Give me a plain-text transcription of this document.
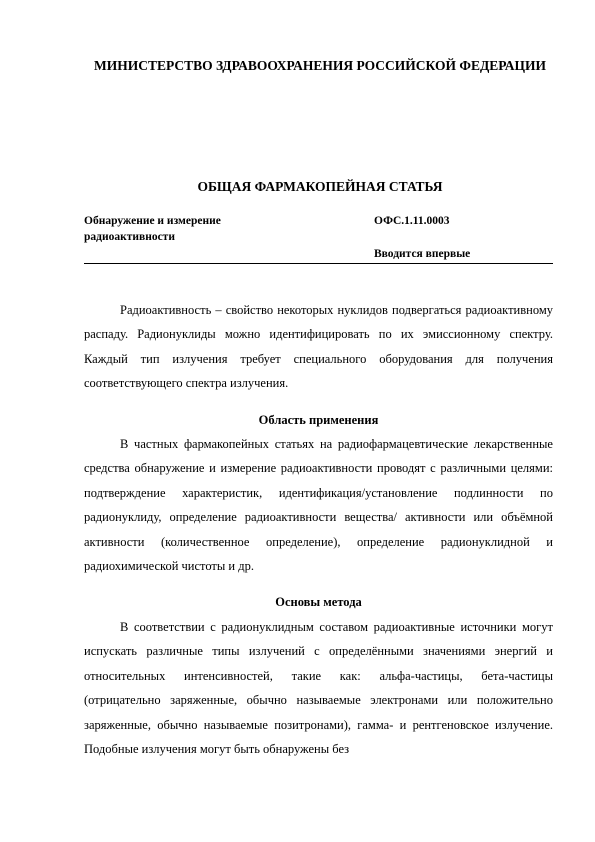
МИНИСТЕРСТВО ЗДРАВООХРАНЕНИЯ РОССИЙСКОЙ ФЕДЕРАЦИИ
ОБЩАЯ ФАРМАКОПЕЙНАЯ СТАТЬЯ
Обнаружение и измерение радиоактивности
ОФС.1.11.0003
Вводится впервые

Радиоактивность – свойство некоторых нуклидов подвергаться радиоактивному распаду. Радионуклиды можно идентифицировать по их эмиссионному спектру. Каждый тип излучения требует специального оборудования для получения соответствующего спектра излучения.

Область применения

В частных фармакопейных статьях на радиофармацевтические лекарственные средства обнаружение и измерение радиоактивности проводят с различными целями: подтверждение характеристик, идентификация/установление подлинности по радионуклиду, определение радиоактивности вещества/ активности или объёмной активности (количественное определение), определение радионуклидной и радиохимической чистоты и др.

Основы метода

В соответствии с радионуклидным составом радиоактивные источники могут испускать различные типы излучений с определёнными значениями энергий и относительных интенсивностей, такие как: альфа-частицы, бета-частицы (отрицательно заряженные, обычно называемые электронами или положительно заряженные, обычно называемые позитронами), гамма- и рентгеновское излучение. Подобные излучения могут быть обнаружены без
